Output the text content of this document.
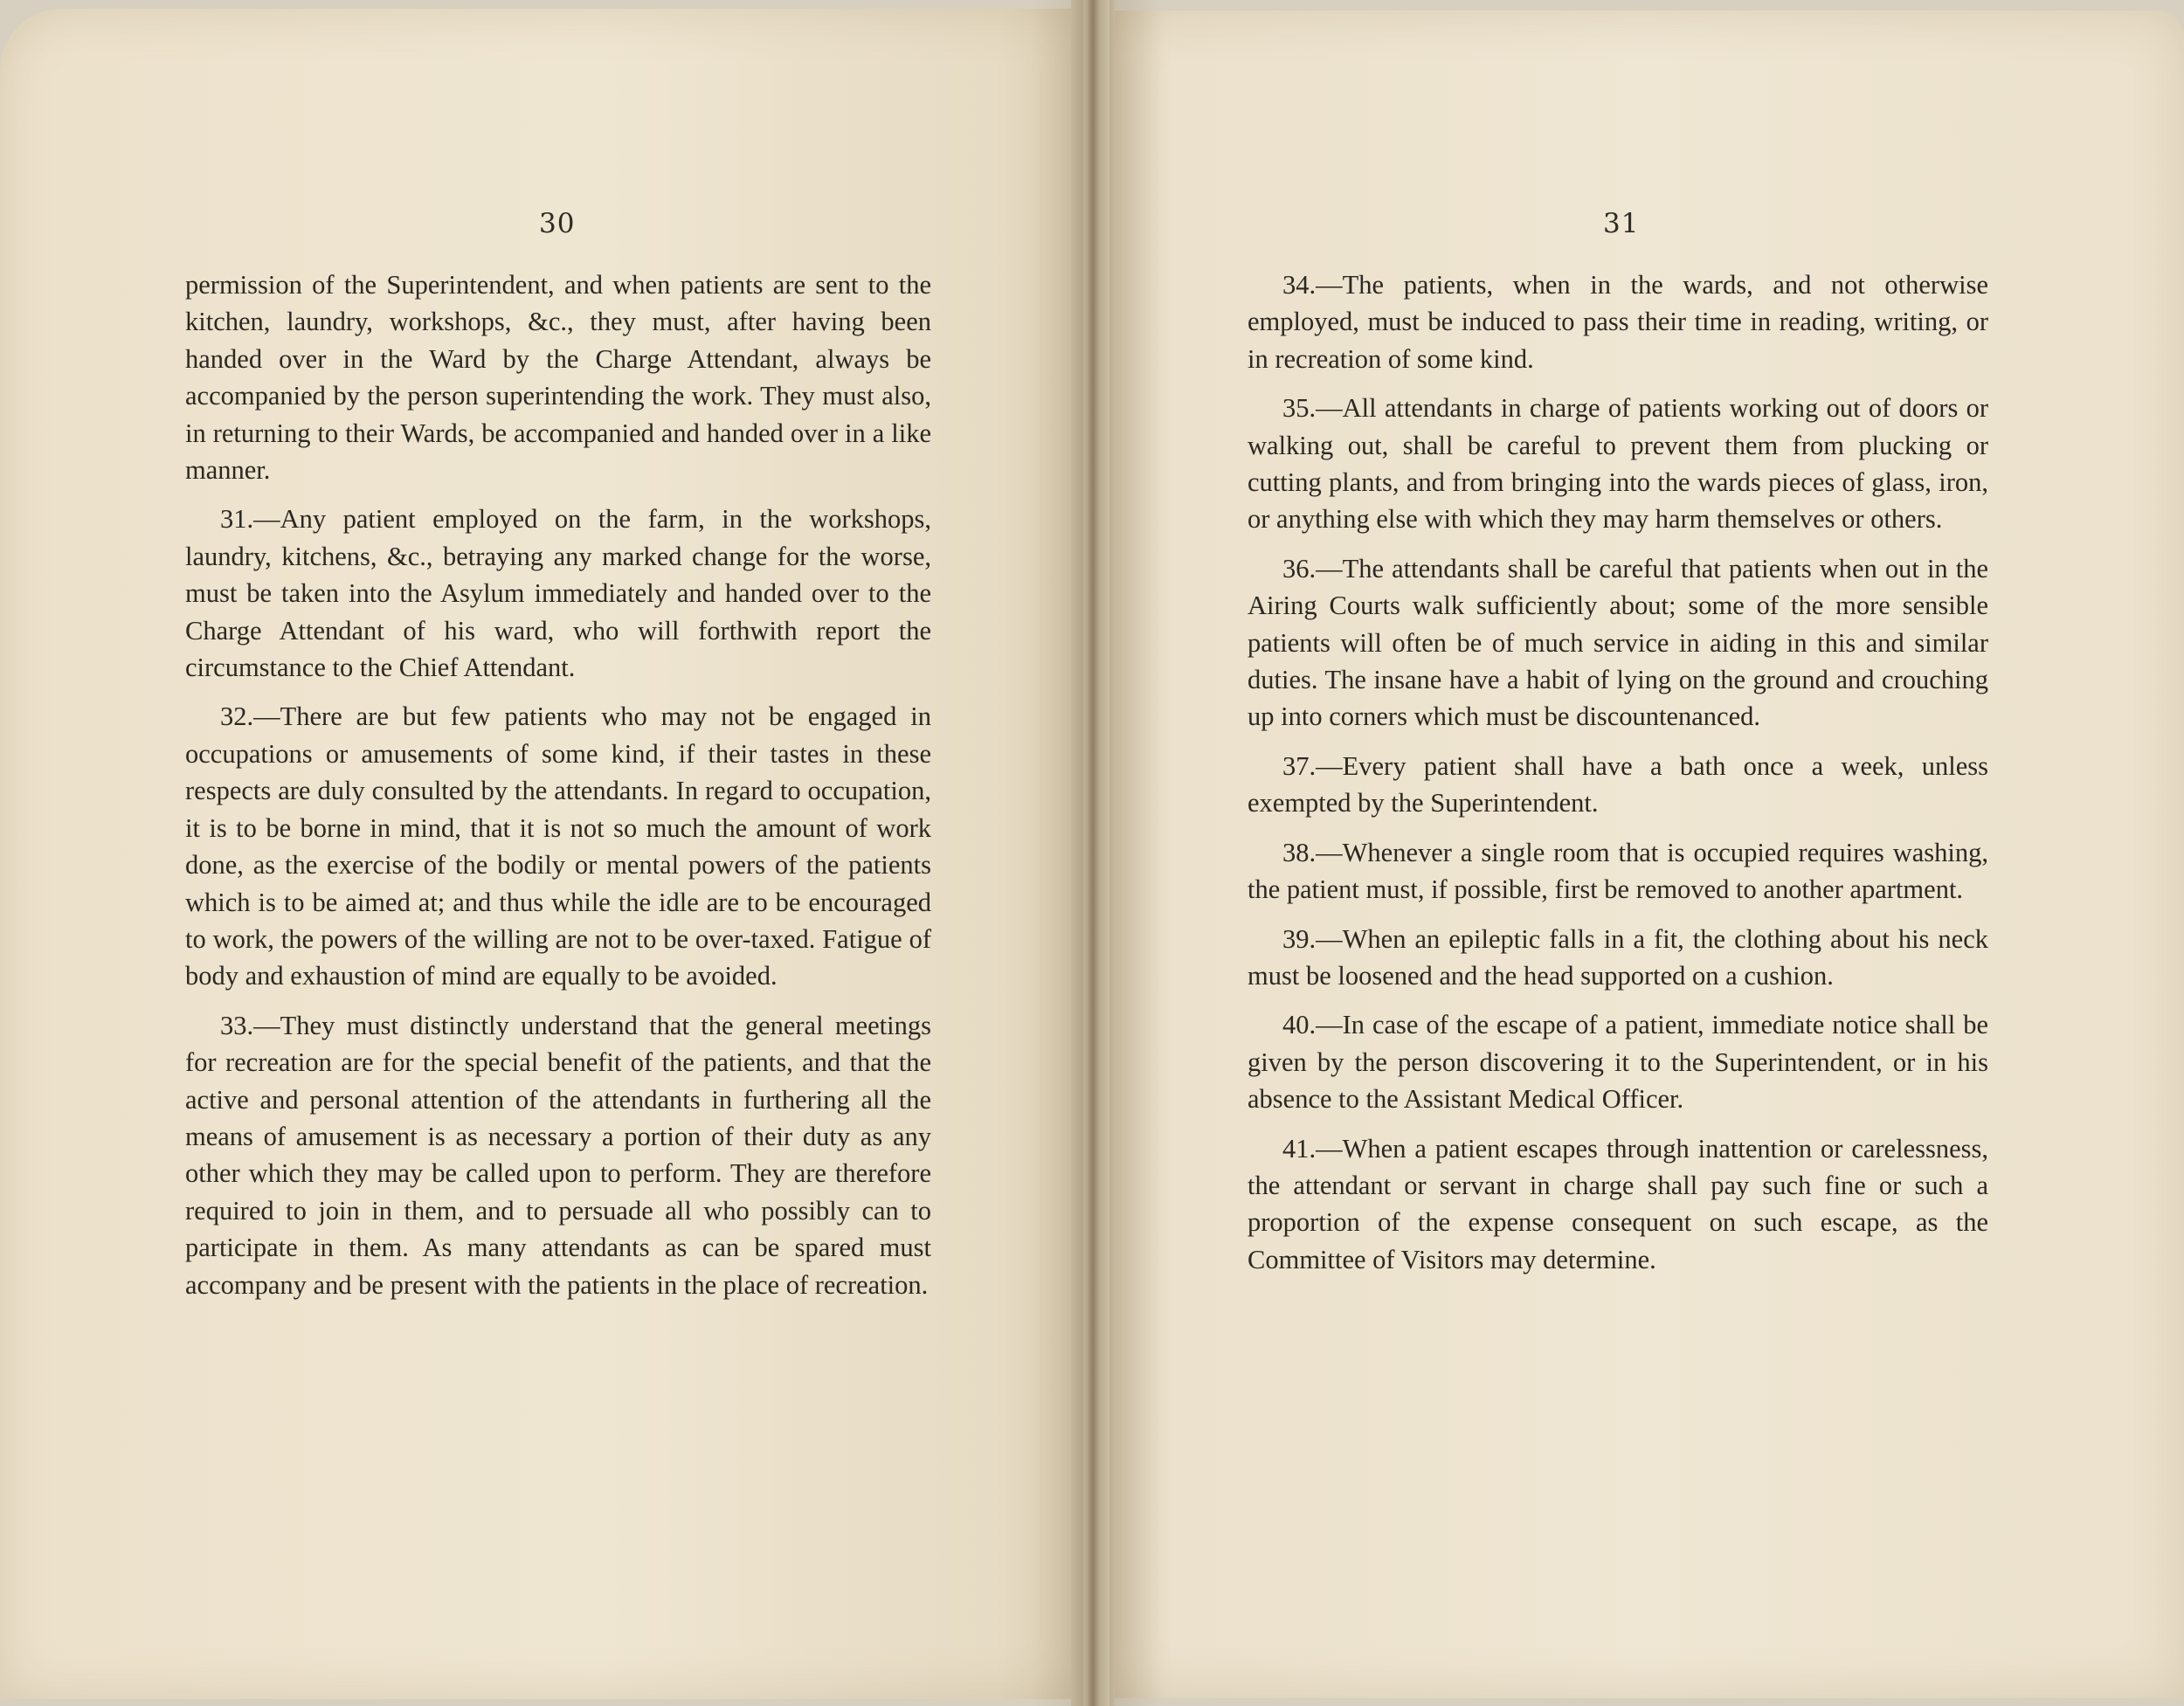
30	31

permission of the Superintendent, and when patients are sent to the kitchen, laundry, workshops, &c., they must, after having been handed over in the Ward by the Charge Attendant, always be accompanied by the person superintending the work. They must also, in returning to their Wards, be accompanied and handed over in a like manner.

31.—Any patient employed on the farm, in the workshops, laundry, kitchens, &c., betraying any marked change for the worse, must be taken into the Asylum immediately and handed over to the Charge Attendant of his ward, who will forthwith report the circumstance to the Chief Attendant.

32.—There are but few patients who may not be engaged in occupations or amusements of some kind, if their tastes in these respects are duly consulted by the attendants. In regard to occupation, it is to be borne in mind, that it is not so much the amount of work done, as the exercise of the bodily or mental powers of the patients which is to be aimed at; and thus while the idle are to be encouraged to work, the powers of the willing are not to be over-taxed. Fatigue of body and exhaustion of mind are equally to be avoided.

33.—They must distinctly understand that the general meetings for recreation are for the special benefit of the patients, and that the active and personal attention of the attendants in furthering all the means of amusement is as necessary a portion of their duty as any other which they may be called upon to perform. They are therefore required to join in them, and to persuade all who possibly can to participate in them. As many attendants as can be spared must accompany and be present with the patients in the place of recreation.

34.—The patients, when in the wards, and not otherwise employed, must be induced to pass their time in reading, writing, or in recreation of some kind.

35.—All attendants in charge of patients working out of doors or walking out, shall be careful to prevent them from plucking or cutting plants, and from bringing into the wards pieces of glass, iron, or anything else with which they may harm themselves or others.

36.—The attendants shall be careful that patients when out in the Airing Courts walk sufficiently about; some of the more sensible patients will often be of much service in aiding in this and similar duties. The insane have a habit of lying on the ground and crouching up into corners which must be discountenanced.

37.—Every patient shall have a bath once a week, unless exempted by the Superintendent.

38.—Whenever a single room that is occupied requires washing, the patient must, if possible, first be removed to another apartment.

39.—When an epileptic falls in a fit, the clothing about his neck must be loosened and the head supported on a cushion.

40.—In case of the escape of a patient, immediate notice shall be given by the person discovering it to the Superintendent, or in his absence to the Assistant Medical Officer.

41.—When a patient escapes through inattention or carelessness, the attendant or servant in charge shall pay such fine or such a proportion of the expense consequent on such escape, as the Committee of Visitors may determine.
